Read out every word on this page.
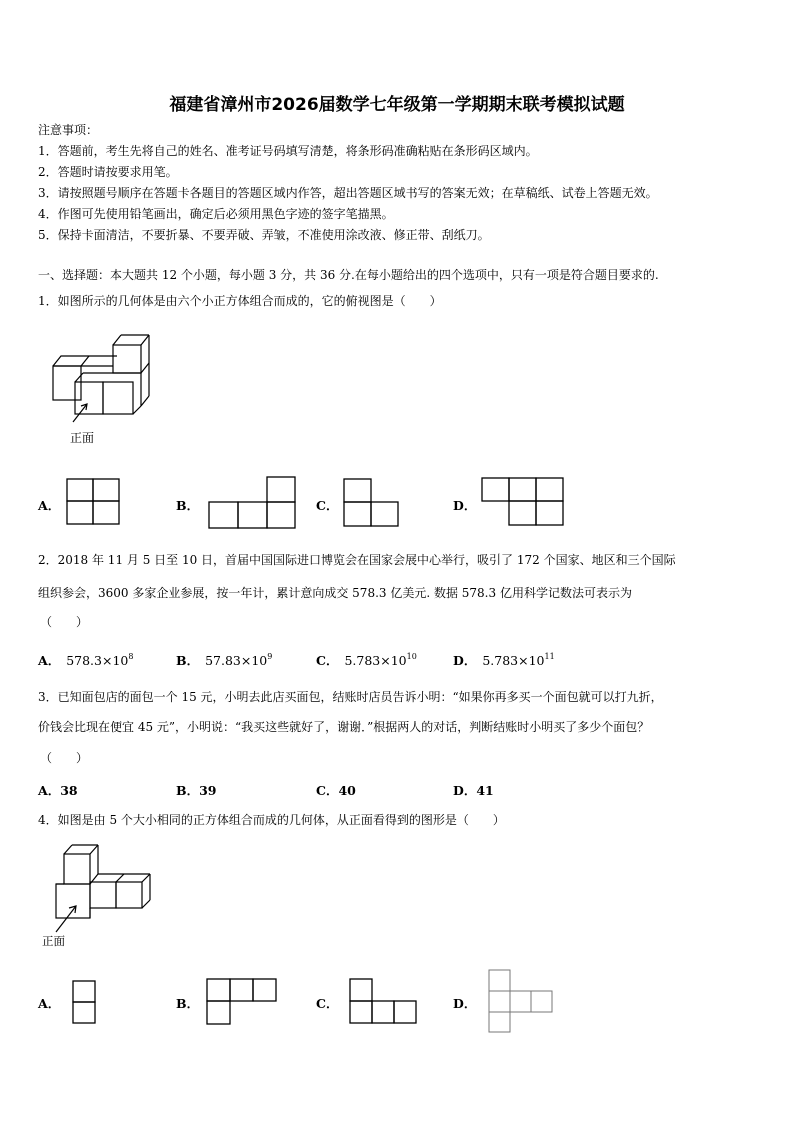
福建省漳州市2026届数学七年级第一学期期末联考模拟试题
注意事项：
1．答题前，考生先将自己的姓名、准考证号码填写清楚，将条形码准确粘贴在条形码区域内。
2．答题时请按要求用笔。
3．请按照题号顺序在答题卡各题目的答题区域内作答，超出答题区域书写的答案无效；在草稿纸、试卷上答题无效。
4．作图可先使用铅笔画出，确定后必须用黑色字迹的签字笔描黑。
5．保持卡面清洁，不要折暴、不要弄破、弄皱，不准使用涂改液、修正带、刮纸刀。
一、选择题：本大题共 12 个小题，每小题 3 分，共 36 分.在每小题给出的四个选项中，只有一项是符合题目要求的.
1．如图所示的几何体是由六个小正方体组合而成的，它的俯视图是（　　）
正面
A．	B．	C．	D．
2．2018 年 11 月 5 日至 10 日，首届中国国际进口博览会在国家会展中心举行，吸引了 172 个国家、地区和三个国际
组织参会，3600 多家企业参展，按一年计，累计意向成交 578.3 亿美元. 数据 578.3 亿用科学记数法可表示为
（　　）
A． $578.3\times 10^8$	B． $57.83\times 10^9$	C． $5.783\times 10^{10}$	D． $5.783\times 10^{11}$
3．已知面包店的面包一个 15 元，小明去此店买面包，结账时店员告诉小明：“如果你再多买一个面包就可以打九折，
价钱会比现在便宜 45 元”，小明说：“我买这些就好了，谢谢．”根据两人的对话，判断结账时小明买了多少个面包？
（　　）
A．38	B．39	C．40	D．41
4．如图是由 5 个大小相同的正方体组合而成的几何体，从正面看得到的图形是（　　）
正面
A．	B．	C．	D．
